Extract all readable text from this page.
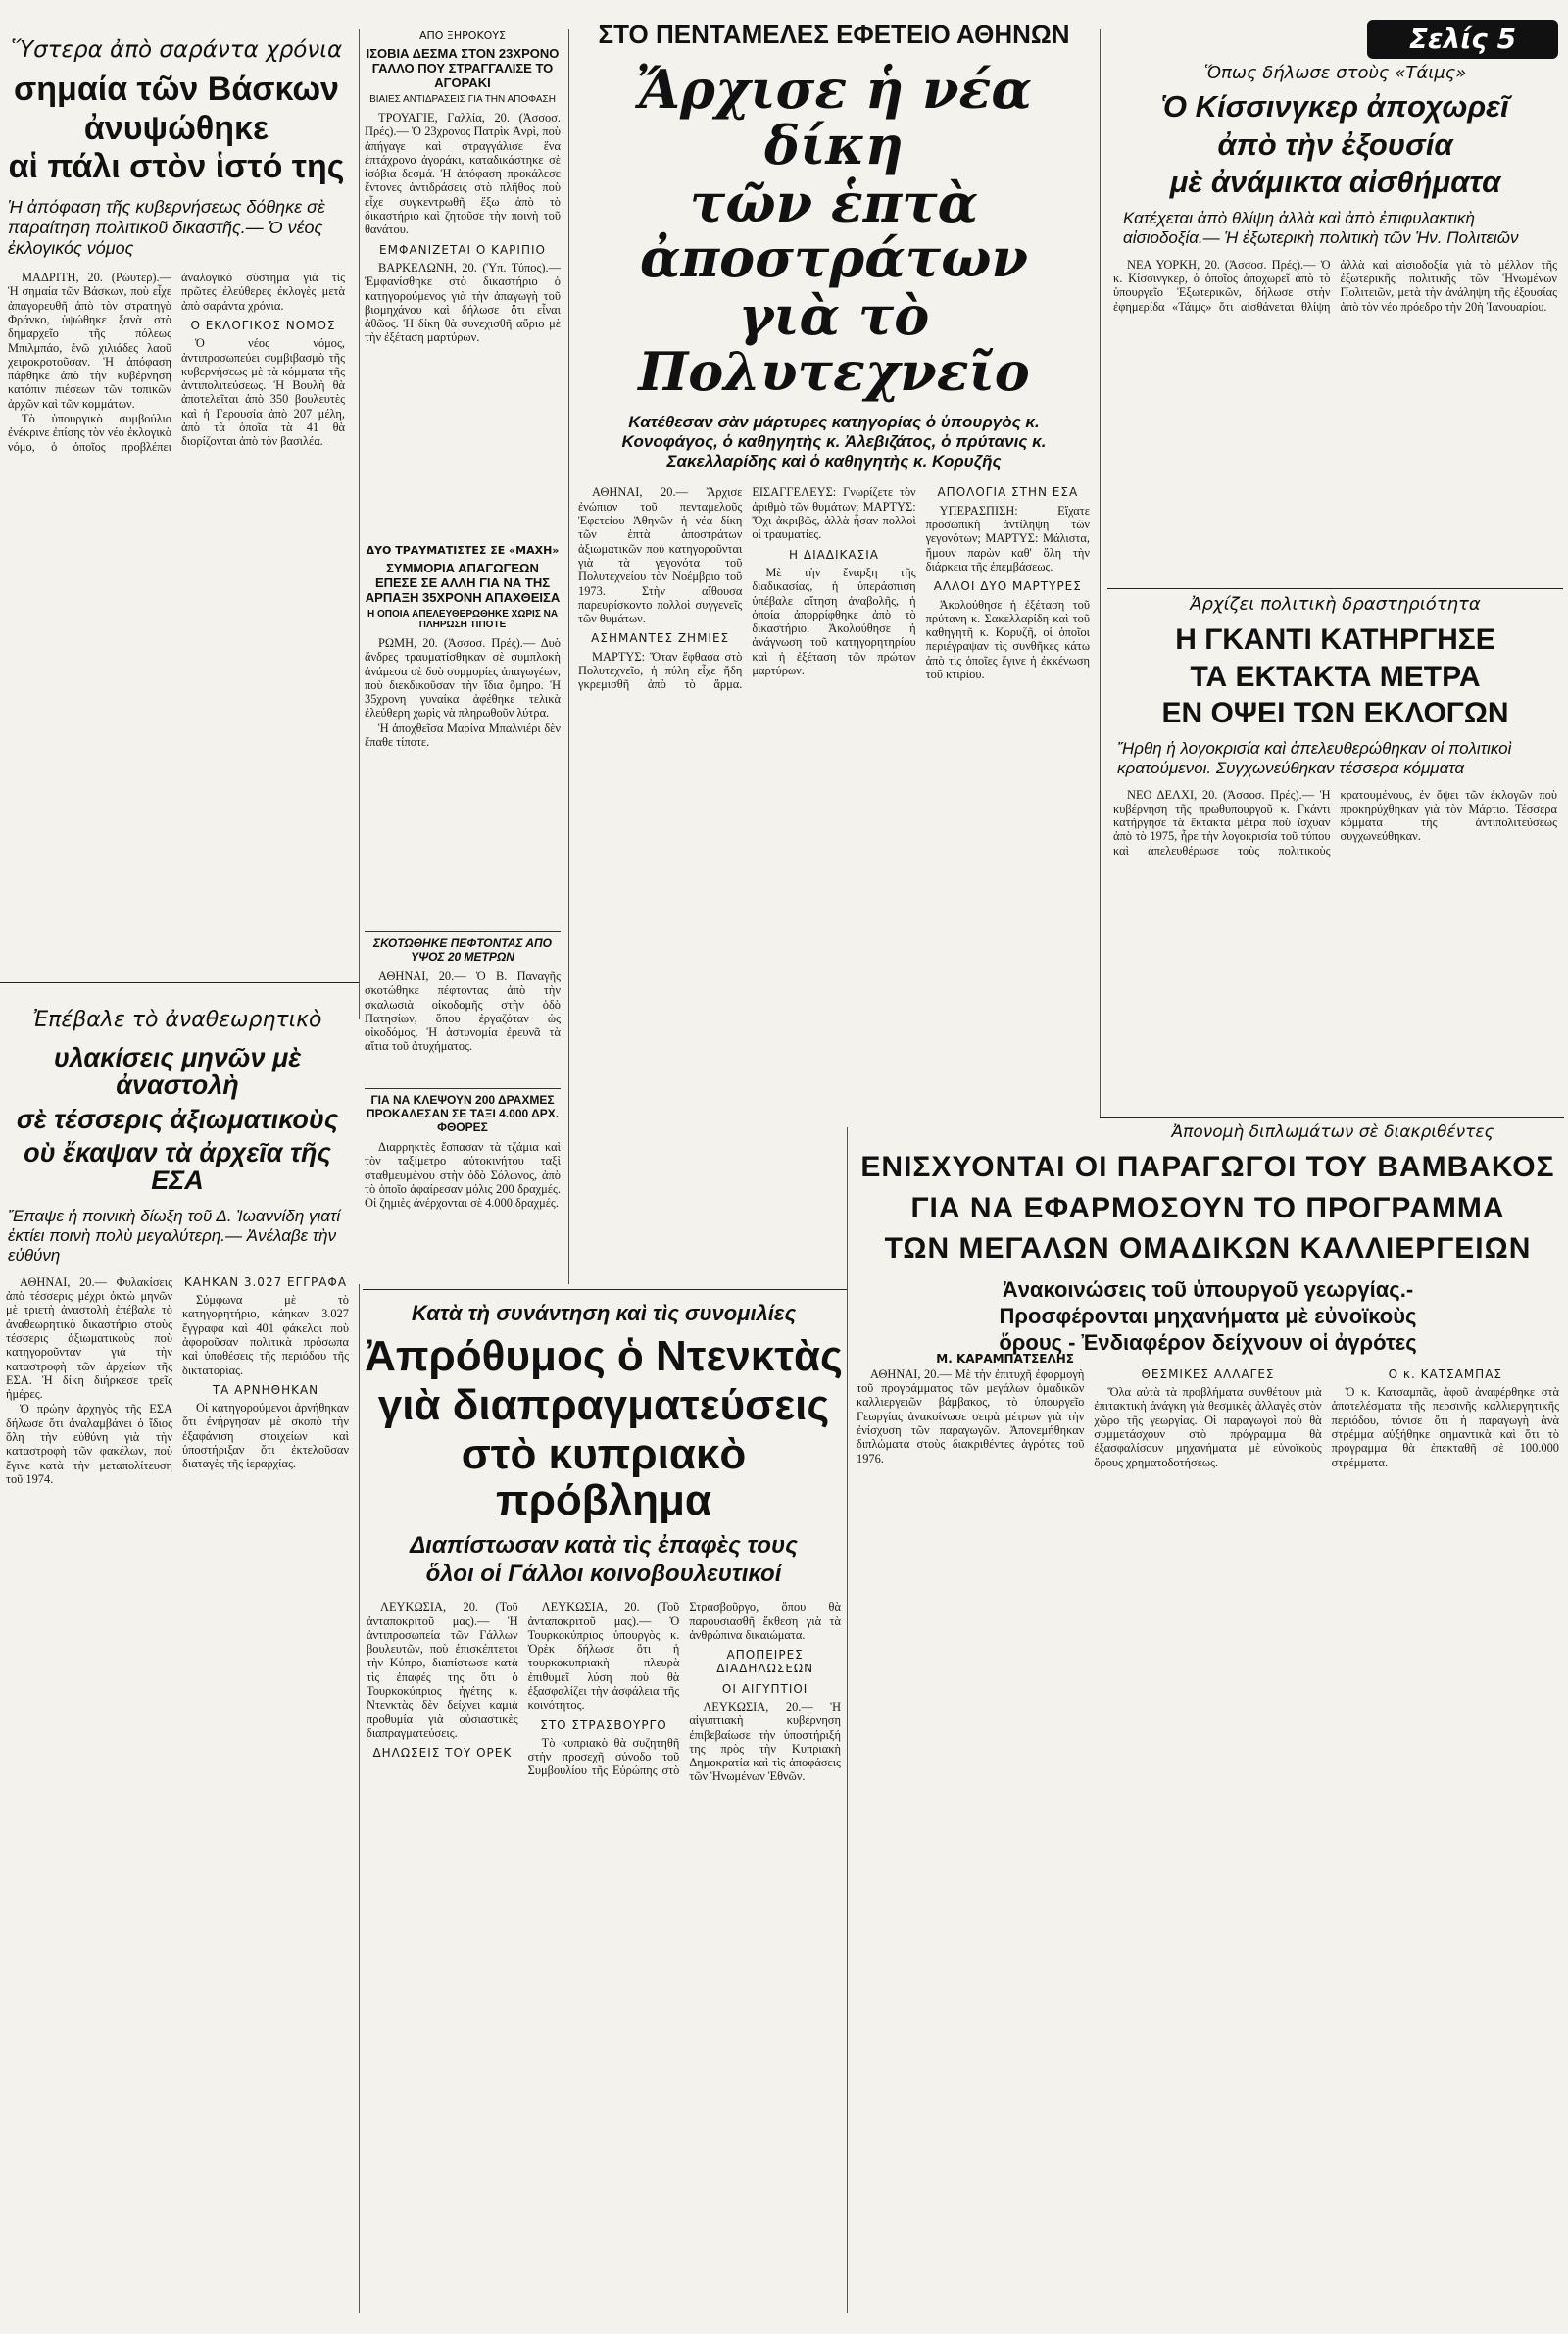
Ὕστερα ἀπὸ σαράντα χρόνια
σημαία τῶν Βάσκων
ἀνυψώθηκε
αἱ πάλι στὸν ἱστό της
Ἡ ἀπόφαση τῆς κυβερνήσεως δόθηκε σὲ παραίτηση πολιτικοῦ δικαστῆς.— Ὁ νέος ἐκλογικός νόμος

ΜΑΔΡΙΤΗ, 20. (Ρώυτερ).— Ἡ σημαία τῶν Βάσκων, ποὺ εἶχε ἀπαγορευθῆ ἀπὸ τὸν στρατηγὸ Φράνκο, ὑψώθηκε ξανὰ στὸ δημαρχεῖο τῆς πόλεως Μπιλμπάο, ἐνῶ χιλιάδες λαοῦ χειροκροτοῦσαν. Ἡ ἀπόφαση πάρθηκε ἀπὸ τὴν κυβέρνηση κατόπιν πιέσεων τῶν τοπικῶν ἀρχῶν καὶ τῶν κομμάτων.

Τὸ ὑπουργικὸ συμβούλιο ἐνέκρινε ἐπίσης τὸν νέο ἐκλογικὸ νόμο, ὁ ὁποῖος προβλέπει ἀναλογικὸ σύστημα γιὰ τὶς πρῶτες ἐλεύθερες ἐκλογὲς μετὰ ἀπὸ σαράντα χρόνια.

Ο ΕΚΛΟΓΙΚΟΣ ΝΟΜΟΣ

Ὁ νέος νόμος, ἀντιπροσωπεύει συμβιβασμὸ τῆς κυβερνήσεως μὲ τὰ κόμματα τῆς ἀντιπολιτεύσεως. Ἡ Βουλὴ θὰ ἀποτελεῖται ἀπὸ 350 βουλευτὲς καὶ ἡ Γερουσία ἀπὸ 207 μέλη, ἀπὸ τὰ ὁποῖα τὰ 41 θὰ διορίζονται ἀπὸ τὸν βασιλέα.

ΑΠΟ ΞΗΡΟΚΟΥΣ
ΙΣΟΒΙΑ ΔΕΣΜΑ ΣΤΟΝ 23ΧΡΟΝΟ ΓΑΛΛΟ ΠΟΥ ΣΤΡΑΓΓΑΛΙΣΕ ΤΟ ΑΓΟΡΑΚΙ
ΒΙΑΙΕΣ ΑΝΤΙΔΡΑΣΕΙΣ ΓΙΑ ΤΗΝ ΑΠΟΦΑΣΗ

ΤΡΟΥΑΓΙΕ, Γαλλία, 20. (Ἀσσοσ. Πρές).— Ὁ 23χρονος Πατρὶκ Ἀνρὶ, ποὺ ἀπήγαγε καὶ στραγγάλισε ἕνα ἑπτάχρονο ἀγοράκι, καταδικάστηκε σὲ ἰσόβια δεσμά. Ἡ ἀπόφαση προκάλεσε ἔντονες ἀντιδράσεις στὸ πλῆθος ποὺ εἶχε συγκεντρωθῆ ἔξω ἀπὸ τὸ δικαστήριο καὶ ζητοῦσε τὴν ποινὴ τοῦ θανάτου.

ΕΜΦΑΝΙΖΕΤΑΙ Ο ΚΑΡΙΠΙΟ

ΒΑΡΚΕΛΩΝΗ, 20. (Ὑπ. Τύπος).— Ἐμφανίσθηκε στὸ δικαστήριο ὁ κατηγορούμενος γιὰ τὴν ἀπαγωγὴ τοῦ βιομηχάνου καὶ δήλωσε ὅτι εἶναι ἀθῶος. Ἡ δίκη θὰ συνεχισθῆ αὔριο μὲ τὴν ἐξέταση μαρτύρων.

ΔΥΟ ΤΡΑΥΜΑΤΙΣΤΕΣ ΣΕ «ΜΑΧΗ»
ΣΥΜΜΟΡΙΑ ΑΠΑΓΩΓΕΩΝ ΕΠΕΣΕ ΣΕ ΑΛΛΗ ΓΙΑ ΝΑ ΤΗΣ ΑΡΠΑΞΗ 35ΧΡΟΝΗ ΑΠΑΧΘΕΙΣΑ
Η ΟΠΟΙΑ ΑΠΕΛΕΥΘΕΡΩΘΗΚΕ ΧΩΡΙΣ ΝΑ ΠΛΗΡΩΣΗ ΤΙΠΟΤΕ

ΡΩΜΗ, 20. (Ἀσσοσ. Πρές).— Δυὸ ἄνδρες τραυματίσθηκαν σὲ συμπλοκὴ ἀνάμεσα σὲ δυὸ συμμορίες ἀπαγωγέων, ποὺ διεκδικοῦσαν τὴν ἴδια ὅμηρο. Ἡ 35χρονη γυναίκα ἀφέθηκε τελικὰ ἐλεύθερη χωρὶς νὰ πληρωθοῦν λύτρα.

Ἡ ἀποχθεῖσα Μαρίνα Μπαλνιέρι δὲν ἔπαθε τίποτε.

ΣΚΟΤΩΘΗΚΕ ΠΕΦΤΟΝΤΑΣ ΑΠΟ ΥΨΟΣ 20 ΜΕΤΡΩΝ

ΑΘΗΝΑΙ, 20.— Ὁ Β. Παναγῆς σκοτώθηκε πέφτοντας ἀπὸ τὴν σκαλωσιὰ οἰκοδομῆς στὴν ὁδὸ Πατησίων, ὅπου ἐργαζόταν ὡς οἰκοδόμος. Ἡ ἀστυνομία ἐρευνᾶ τὰ αἴτια τοῦ ἀτυχήματος.

ΓΙΑ ΝΑ ΚΛΕΨΟΥΝ 200 ΔΡΑΧΜΕΣ ΠΡΟΚΑΛΕΣΑΝ ΣΕ ΤΑΞΙ 4.000 ΔΡΧ. ΦΘΟΡΕΣ

Διαρρηκτὲς ἔσπασαν τὰ τζάμια καὶ τὸν ταξίμετρο αὐτοκινήτου ταξὶ σταθμευμένου στὴν ὁδὸ Σόλωνος, ἀπὸ τὸ ὁποῖο ἀφαίρεσαν μόλις 200 δραχμές. Οἱ ζημιὲς ἀνέρχονται σὲ 4.000 δραχμές.

Ἐπέβαλε τὸ ἀναθεωρητικὸ
υλακίσεις μηνῶν μὲ ἀναστολὴ
σὲ τέσσερις ἀξιωματικοὺς
οὺ ἔκαψαν τὰ ἀρχεῖα τῆς ΕΣΑ
Ἔπαψε ἡ ποινικὴ δίωξη τοῦ Δ. Ἰωαννίδη γιατί ἐκτίει ποινὴ πολὺ μεγαλύτερη.— Ἀνέλαβε τὴν εὐθύνη

ΑΘΗΝΑΙ, 20.— Φυλακίσεις ἀπὸ τέσσερις μέχρι ὀκτὼ μηνῶν μὲ τριετὴ ἀναστολὴ ἐπέβαλε τὸ ἀναθεωρητικὸ δικαστήριο στοὺς τέσσερις ἀξιωματικοὺς ποὺ κατηγοροῦνταν γιὰ τὴν καταστροφὴ τῶν ἀρχείων τῆς ΕΣΑ. Ἡ δίκη διήρκεσε τρεῖς ἡμέρες.

Ὁ πρώην ἀρχηγὸς τῆς ΕΣΑ δήλωσε ὅτι ἀναλαμβάνει ὁ ἴδιος ὅλη τὴν εὐθύνη γιὰ τὴν καταστροφὴ τῶν φακέλων, ποὺ ἔγινε κατὰ τὴν μεταπολίτευση τοῦ 1974.

ΚΑΗΚΑΝ 3.027 ΕΓΓΡΑΦΑ

Σύμφωνα μὲ τὸ κατηγορητήριο, κάηκαν 3.027 ἔγγραφα καὶ 401 φάκελοι ποὺ ἀφοροῦσαν πολιτικὰ πρόσωπα καὶ ὑποθέσεις τῆς περιόδου τῆς δικτατορίας.

ΤΑ ΑΡΝΗΘΗΚΑΝ

Οἱ κατηγορούμενοι ἀρνήθηκαν ὅτι ἐνήργησαν μὲ σκοπὸ τὴν ἐξαφάνιση στοιχείων καὶ ὑποστήριξαν ὅτι ἐκτελοῦσαν διαταγὲς τῆς ἱεραρχίας.

ΣΤΟ ΠΕΝΤΑΜΕΛΕΣ ΕΦΕΤΕΙΟ ΑΘΗΝΩΝ
Ἄρχισε ἡ νέα δίκη
τῶν ἑπτὰ ἀποστράτων
γιὰ τὸ Πολυτεχνεῖο
Κατέθεσαν σὰν μάρτυρες κατηγορίας ὁ ὑπουργὸς κ. Κονοφάγος, ὁ καθηγητὴς κ. Ἀλεβιζάτος, ὁ πρύτανις κ. Σακελλαρίδης καὶ ὁ καθηγητὴς κ. Κορυζῆς

ΑΘΗΝΑΙ, 20.— Ἄρχισε ἐνώπιον τοῦ πενταμελοῦς Ἐφετείου Ἀθηνῶν ἡ νέα δίκη τῶν ἑπτὰ ἀποστράτων ἀξιωματικῶν ποὺ κατηγοροῦνται γιὰ τὰ γεγονότα τοῦ Πολυτεχνείου τὸν Νοέμβριο τοῦ 1973. Στὴν αἴθουσα παρευρίσκοντο πολλοὶ συγγενεῖς τῶν θυμάτων.

ΑΣΗΜΑΝΤΕΣ ΖΗΜΙΕΣ

ΜΑΡΤΥΣ: Ὅταν ἔφθασα στὸ Πολυτεχνεῖο, ἡ πύλη εἶχε ἤδη γκρεμισθῆ ἀπὸ τὸ ἅρμα. ΕΙΣΑΓΓΕΛΕΥΣ: Γνωρίζετε τὸν ἀριθμὸ τῶν θυμάτων; ΜΑΡΤΥΣ: Ὄχι ἀκριβῶς, ἀλλὰ ἦσαν πολλοὶ οἱ τραυματίες.

Η ΔΙΑΔΙΚΑΣΙΑ

Μὲ τὴν ἔναρξη τῆς διαδικασίας, ἡ ὑπεράσπιση ὑπέβαλε αἴτηση ἀναβολῆς, ἡ ὁποία ἀπορρίφθηκε ἀπὸ τὸ δικαστήριο. Ἀκολούθησε ἡ ἀνάγνωση τοῦ κατηγορητηρίου καὶ ἡ ἐξέταση τῶν πρώτων μαρτύρων.

ΑΠΟΛΟΓΙΑ ΣΤΗΝ ΕΣΑ

ΥΠΕΡΑΣΠΙΣΗ: Εἴχατε προσωπικὴ ἀντίληψη τῶν γεγονότων; ΜΑΡΤΥΣ: Μάλιστα, ἤμουν παρὼν καθ' ὅλη τὴν διάρκεια τῆς ἐπεμβάσεως.

ΑΛΛΟΙ ΔΥΟ ΜΑΡΤΥΡΕΣ

Ἀκολούθησε ἡ ἐξέταση τοῦ πρύτανη κ. Σακελλαρίδη καὶ τοῦ καθηγητῆ κ. Κορυζῆ, οἱ ὁποῖοι περιέγραψαν τὶς συνθῆκες κάτω ἀπὸ τὶς ὁποῖες ἔγινε ἡ ἐκκένωση τοῦ κτιρίου.

Μ. ΚΑΡΑΜΠΑΤΣΕΛΗΣ
Σελίς 5
Ὅπως δήλωσε στοὺς «Τάιμς»
Ὁ Κίσσινγκερ ἀποχωρεῖ
ἀπὸ τὴν ἐξουσία
μὲ ἀνάμικτα αἰσθήματα
Κατέχεται ἀπὸ θλίψη ἀλλὰ καὶ ἀπὸ ἐπιφυλακτικὴ αἰσιοδοξία.— Ἡ ἐξωτερικὴ πολιτικὴ τῶν Ἡν. Πολιτειῶν

ΝΕΑ ΥΟΡΚΗ, 20. (Ἀσσοσ. Πρές).— Ὁ κ. Κίσσινγκερ, ὁ ὁποῖος ἀποχωρεῖ ἀπὸ τὸ ὑπουργεῖο Ἐξωτερικῶν, δήλωσε στὴν ἐφημερίδα «Τάιμς» ὅτι αἰσθάνεται θλίψη ἀλλὰ καὶ αἰσιοδοξία γιὰ τὸ μέλλον τῆς ἐξωτερικῆς πολιτικῆς τῶν Ἡνωμένων Πολιτειῶν, μετὰ τὴν ἀνάληψη τῆς ἐξουσίας ἀπὸ τὸν νέο πρόεδρο τὴν 20ὴ Ἰανουαρίου.

Ἀρχίζει πολιτικὴ δραστηριότητα
Η ΓΚΑΝΤΙ ΚΑΤΗΡΓΗΣΕ
ΤΑ ΕΚΤΑΚΤΑ ΜΕΤΡΑ
ΕΝ ΟΨΕΙ ΤΩΝ ΕΚΛΟΓΩΝ
Ἤρθη ἡ λογοκρισία καὶ ἀπελευθερώθηκαν οἱ πολιτικοὶ κρατούμενοι. Συγχωνεύθηκαν τέσσερα κόμματα

ΝΕΟ ΔΕΛΧΙ, 20. (Ἀσσοσ. Πρές).— Ἡ κυβέρνηση τῆς πρωθυπουργοῦ κ. Γκάντι κατήργησε τὰ ἔκτακτα μέτρα ποὺ ἴσχυαν ἀπὸ τὸ 1975, ἦρε τὴν λογοκρισία τοῦ τύπου καὶ ἀπελευθέρωσε τοὺς πολιτικοὺς κρατουμένους, ἐν ὄψει τῶν ἐκλογῶν ποὺ προκηρύχθηκαν γιὰ τὸν Μάρτιο. Τέσσερα κόμματα τῆς ἀντιπολιτεύσεως συγχωνεύθηκαν.

Ἀπονομὴ διπλωμάτων σὲ διακριθέντες
ΕΝΙΣΧΥΟΝΤΑΙ ΟΙ ΠΑΡΑΓΩΓΟΙ ΤΟΥ ΒΑΜΒΑΚΟΣ
ΓΙΑ ΝΑ ΕΦΑΡΜΟΣΟΥΝ ΤΟ ΠΡΟΓΡΑΜΜΑ
ΤΩΝ ΜΕΓΑΛΩΝ ΟΜΑΔΙΚΩΝ ΚΑΛΛΙΕΡΓΕΙΩΝ
Ἀνακοινώσεις τοῦ ὑπουργοῦ γεωργίας.-
Προσφέρονται μηχανήματα μὲ εὐνοϊκοὺς
ὅρους - Ἐνδιαφέρον δείχνουν οἱ ἀγρότες

ΑΘΗΝΑΙ, 20.— Μὲ τὴν ἐπιτυχῆ ἐφαρμογὴ τοῦ προγράμματος τῶν μεγάλων ὁμαδικῶν καλλιεργειῶν βάμβακος, τὸ ὑπουργεῖο Γεωργίας ἀνακοίνωσε σειρὰ μέτρων γιὰ τὴν ἐνίσχυση τῶν παραγωγῶν. Ἀπονεμήθηκαν διπλώματα στοὺς διακριθέντες ἀγρότες τοῦ 1976.

ΘΕΣΜΙΚΕΣ ΑΛΛΑΓΕΣ

Ὅλα αὐτὰ τὰ προβλήματα συνθέτουν μιὰ ἐπιτακτικὴ ἀνάγκη γιὰ θεσμικὲς ἀλλαγὲς στὸν χῶρο τῆς γεωργίας. Οἱ παραγωγοὶ ποὺ θὰ συμμετάσχουν στὸ πρόγραμμα θὰ ἐξασφαλίσουν μηχανήματα μὲ εὐνοϊκοὺς ὅρους χρηματοδοτήσεως.

Ο κ. ΚΑΤΣΑΜΠΑΣ

Ὁ κ. Κατσαμπᾶς, ἀφοῦ ἀναφέρθηκε στὰ ἀποτελέσματα τῆς περσινῆς καλλιεργητικῆς περιόδου, τόνισε ὅτι ἡ παραγωγὴ ἀνὰ στρέμμα αὐξήθηκε σημαντικὰ καὶ ὅτι τὸ πρόγραμμα θὰ ἐπεκταθῆ σὲ 100.000 στρέμματα.

Κατὰ τὴ συνάντηση καὶ τὶς συνομιλίες
Ἀπρόθυμος ὁ Ντενκτὰς
γιὰ διαπραγματεύσεις
στὸ κυπριακὸ πρόβλημα
Διαπίστωσαν κατὰ τὶς ἐπαφὲς τους
ὅλοι οἱ Γάλλοι κοινοβουλευτικοί

ΛΕΥΚΩΣΙΑ, 20. (Τοῦ ἀνταποκριτοῦ μας).— Ἡ ἀντιπροσωπεία τῶν Γάλλων βουλευτῶν, ποὺ ἐπισκέπτεται τὴν Κύπρο, διαπίστωσε κατὰ τὶς ἐπαφές της ὅτι ὁ Τουρκοκύπριος ἡγέτης κ. Ντενκτὰς δὲν δείχνει καμιὰ προθυμία γιὰ οὐσιαστικὲς διαπραγματεύσεις.

ΔΗΛΩΣΕΙΣ ΤΟΥ ΟΡΕΚ

ΛΕΥΚΩΣΙΑ, 20. (Τοῦ ἀνταποκριτοῦ μας).— Ὁ Τουρκοκύπριος ὑπουργὸς κ. Ὀρὲκ δήλωσε ὅτι ἡ τουρκοκυπριακὴ πλευρὰ ἐπιθυμεῖ λύση ποὺ θὰ ἐξασφαλίζει τὴν ἀσφάλεια τῆς κοινότητος.

ΣΤΟ ΣΤΡΑΣΒΟΥΡΓΟ

Τὸ κυπριακὸ θὰ συζητηθῆ στὴν προσεχῆ σύνοδο τοῦ Συμβουλίου τῆς Εὐρώπης στὸ Στρασβοῦργο, ὅπου θὰ παρουσιασθῆ ἔκθεση γιὰ τὰ ἀνθρώπινα δικαιώματα.

ΑΠΟΠΕΙΡΕΣ ΔΙΑΔΗΛΩΣΕΩΝ
ΟΙ ΑΙΓΥΠΤΙΟΙ

ΛΕΥΚΩΣΙΑ, 20.— Ἡ αἰγυπτιακὴ κυβέρνηση ἐπιβεβαίωσε τὴν ὑποστήριξή της πρὸς τὴν Κυπριακὴ Δημοκρατία καὶ τὶς ἀποφάσεις τῶν Ἡνωμένων Ἐθνῶν.
